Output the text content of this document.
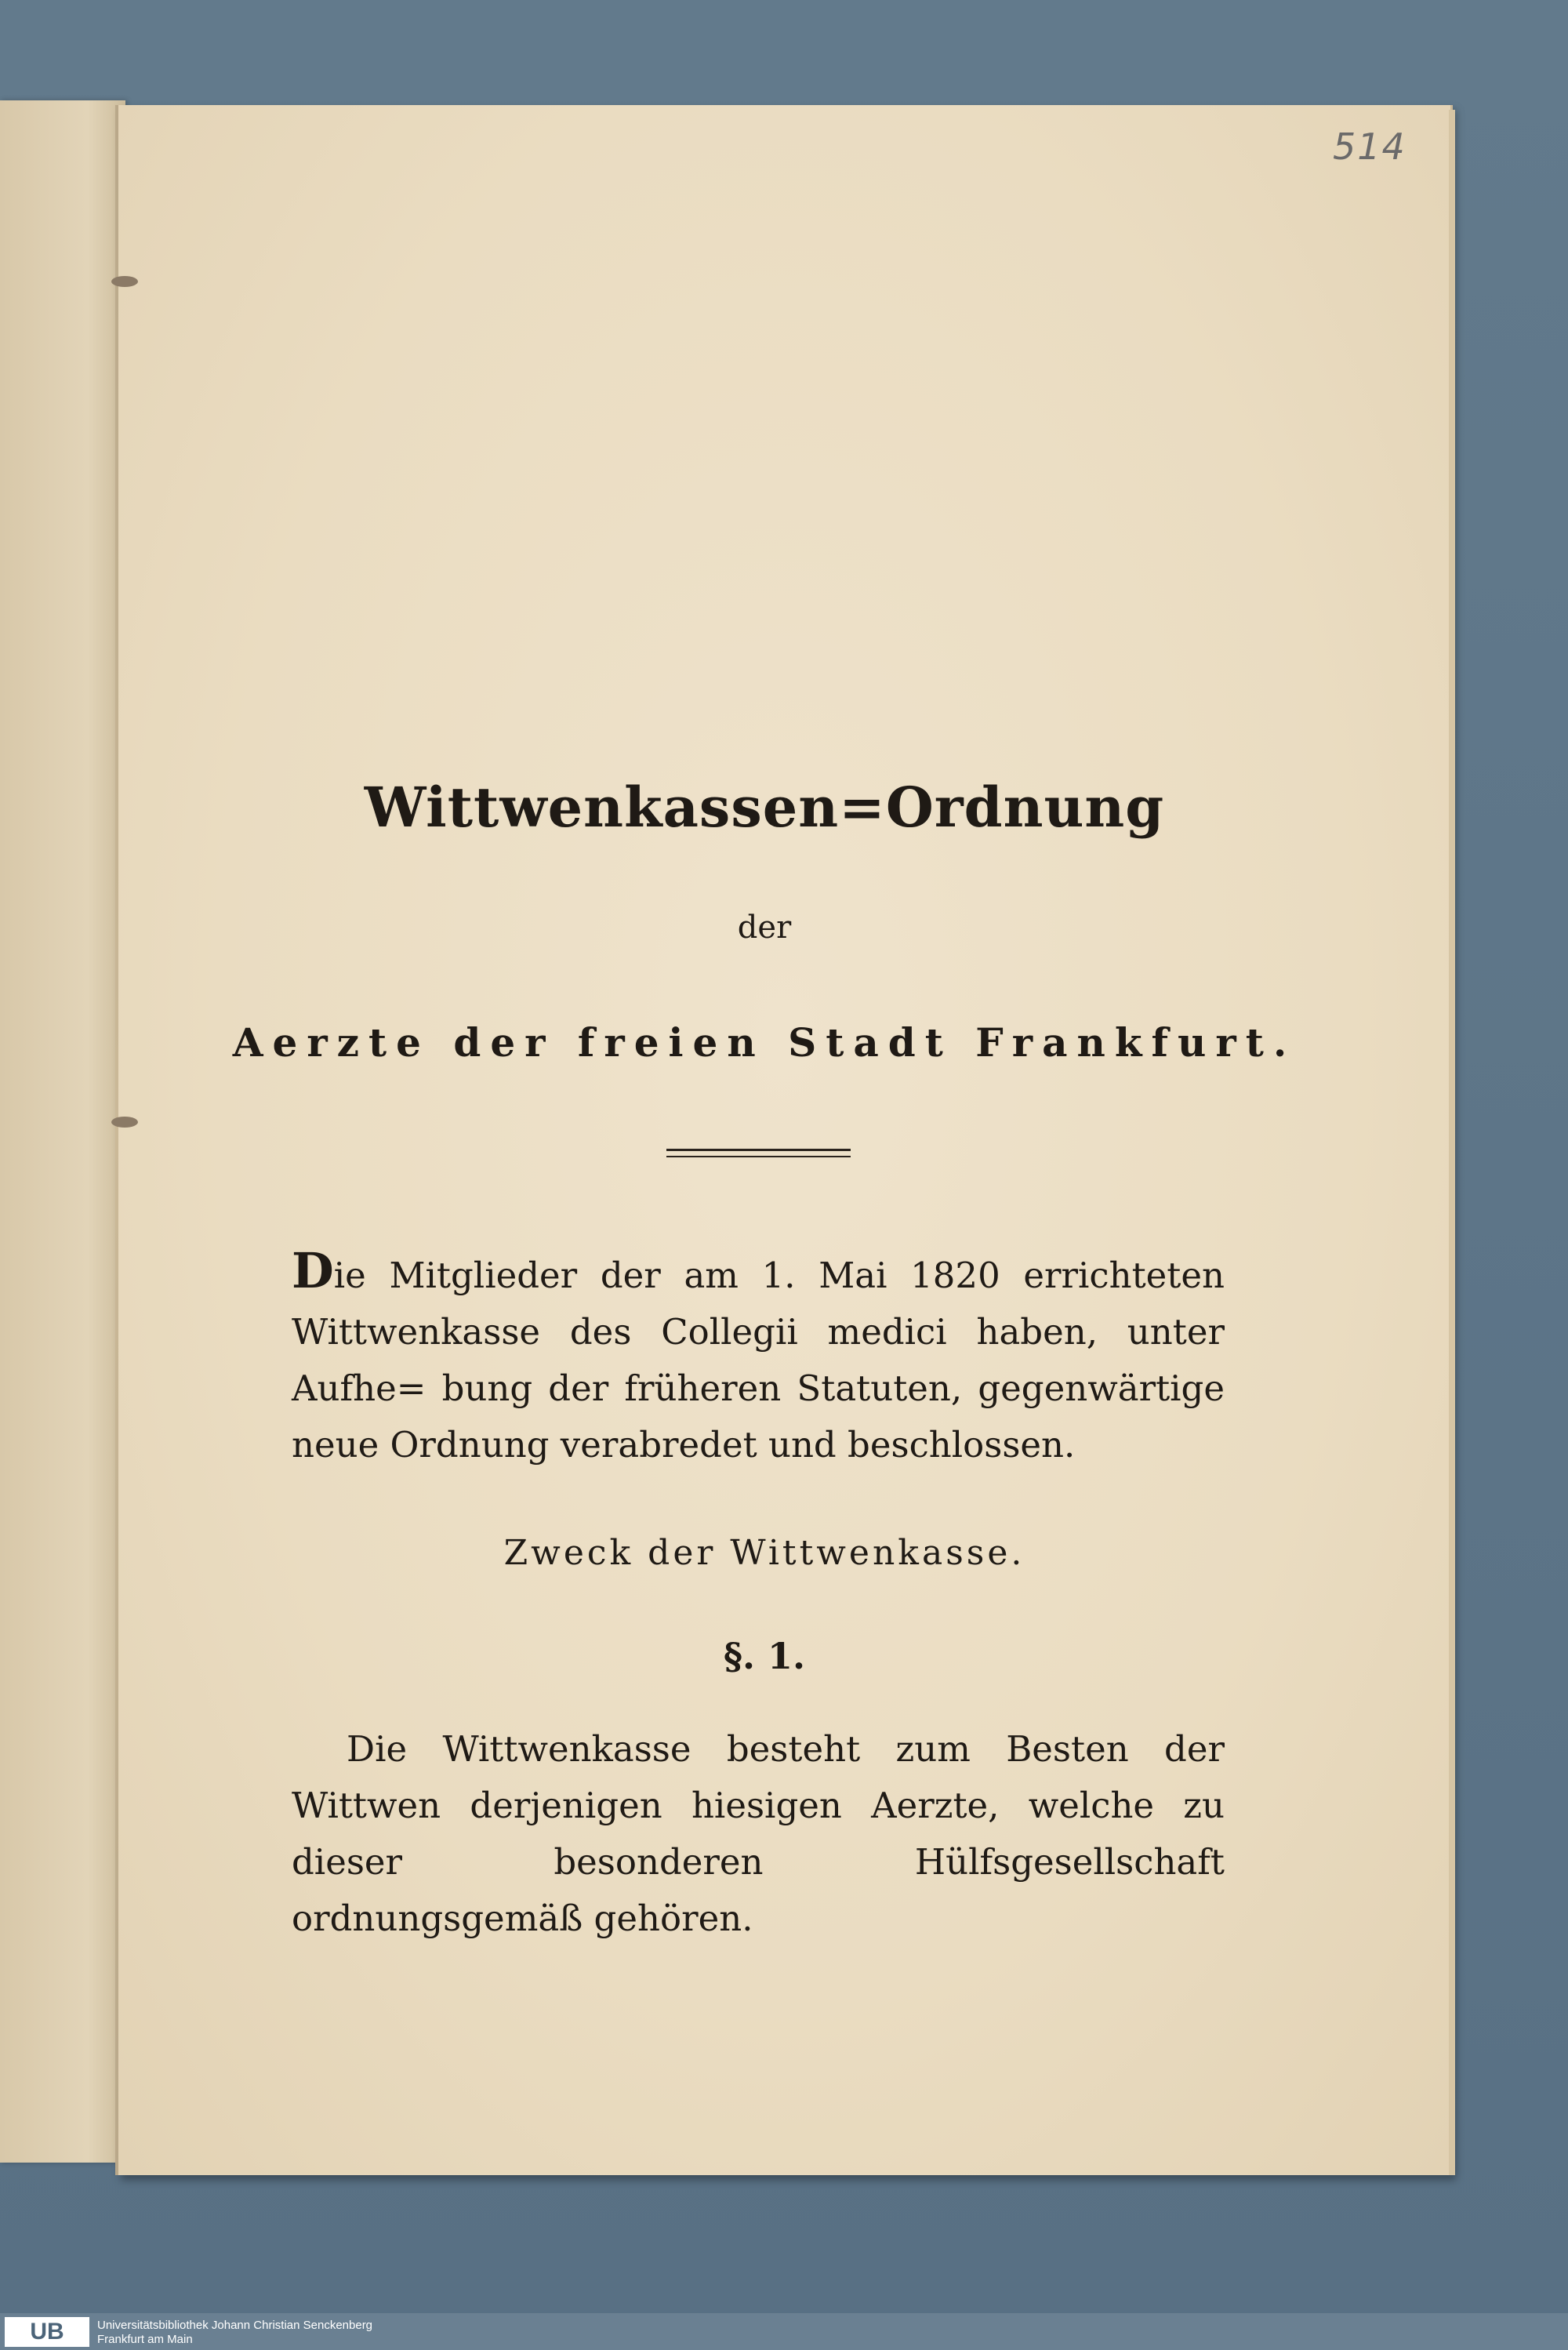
514
Wittwenkassen=Ordnung
der
Aerzte der freien Stadt Frankfurt.
Die Mitglieder der am 1. Mai 1820 errichteten Wittwenkasse des Collegii medici haben, unter Aufhe= bung der früheren Statuten, gegenwärtige neue Ordnung verabredet und beschlossen.
Zweck der Wittwenkasse.
§. 1.
Die Wittwenkasse besteht zum Besten der Wittwen derjenigen hiesigen Aerzte, welche zu dieser besonderen Hülfsgesellschaft ordnungsgemäß gehören.
UB	Universitätsbibliothek Johann Christian Senckenberg
Frankfurt am Main
